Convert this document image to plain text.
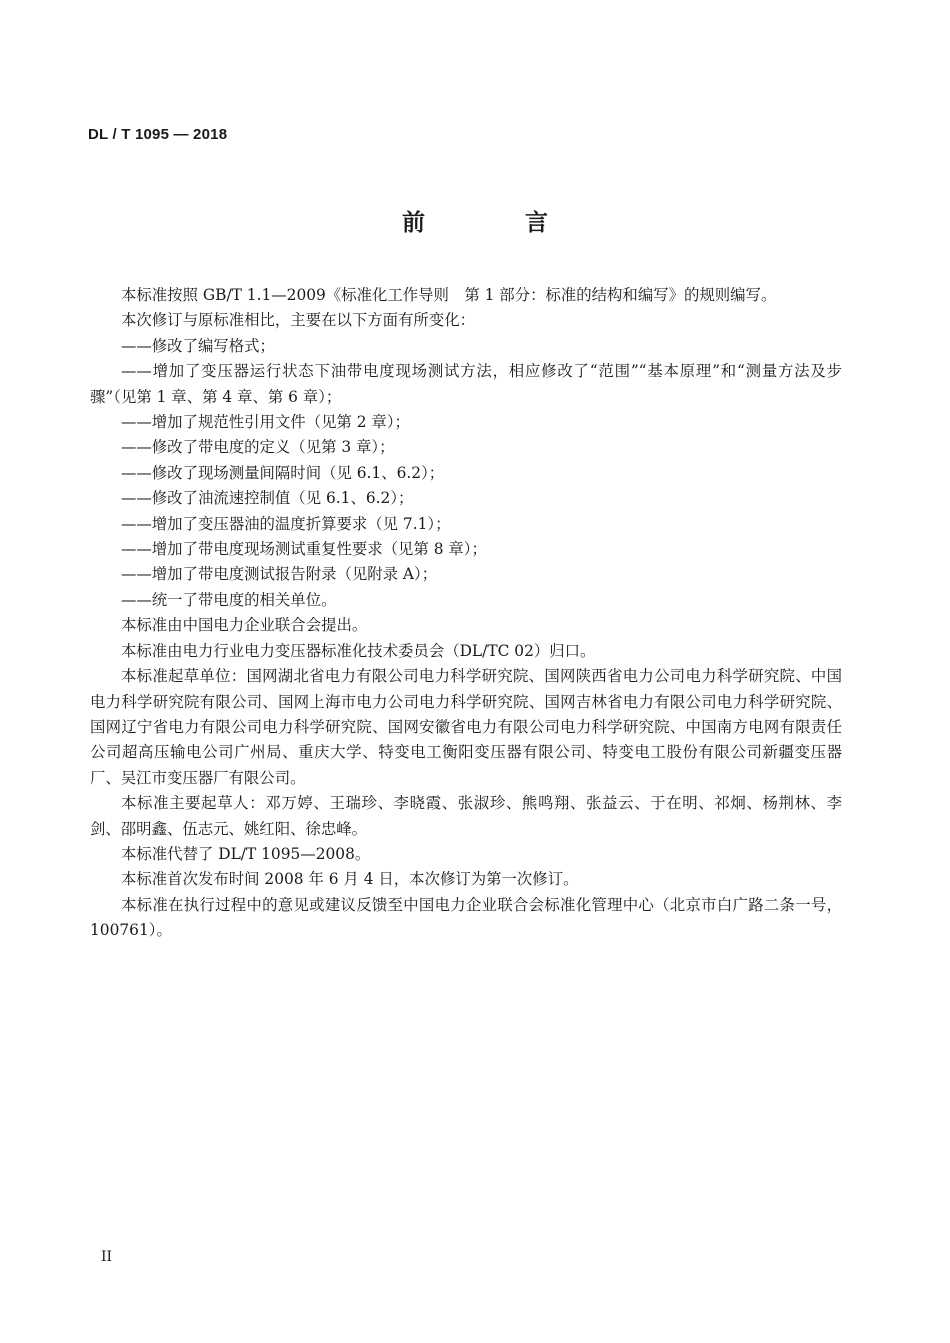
DL / T 1095 — 2018
前 言

本标准按照 GB/T 1.1—2009《标准化工作导则　第 1 部分：标准的结构和编写》的规则编写。

本次修订与原标准相比，主要在以下方面有所变化：

——修改了编写格式；

——增加了变压器运行状态下油带电度现场测试方法，相应修改了“范围”“基本原理”和“测量方法及步骤”（见第 1 章、第 4 章、第 6 章）；

——增加了规范性引用文件（见第 2 章）；

——修改了带电度的定义（见第 3 章）；

——修改了现场测量间隔时间（见 6.1、6.2）；

——修改了油流速控制值（见 6.1、6.2）；

——增加了变压器油的温度折算要求（见 7.1）；

——增加了带电度现场测试重复性要求（见第 8 章）；

——增加了带电度测试报告附录（见附录 A）；

——统一了带电度的相关单位。

本标准由中国电力企业联合会提出。

本标准由电力行业电力变压器标准化技术委员会（DL/TC 02）归口。

本标准起草单位：国网湖北省电力有限公司电力科学研究院、国网陕西省电力公司电力科学研究院、中国电力科学研究院有限公司、国网上海市电力公司电力科学研究院、国网吉林省电力有限公司电力科学研究院、国网辽宁省电力有限公司电力科学研究院、国网安徽省电力有限公司电力科学研究院、中国南方电网有限责任公司超高压输电公司广州局、重庆大学、特变电工衡阳变压器有限公司、特变电工股份有限公司新疆变压器厂、吴江市变压器厂有限公司。

本标准主要起草人：邓万婷、王瑞珍、李晓霞、张淑珍、熊鸣翔、张益云、于在明、祁炯、杨荆林、李剑、邵明鑫、伍志元、姚红阳、徐忠峰。

本标准代替了 DL/T 1095—2008。

本标准首次发布时间 2008 年 6 月 4 日，本次修订为第一次修订。

本标准在执行过程中的意见或建议反馈至中国电力企业联合会标准化管理中心（北京市白广路二条一号，100761）。

II
